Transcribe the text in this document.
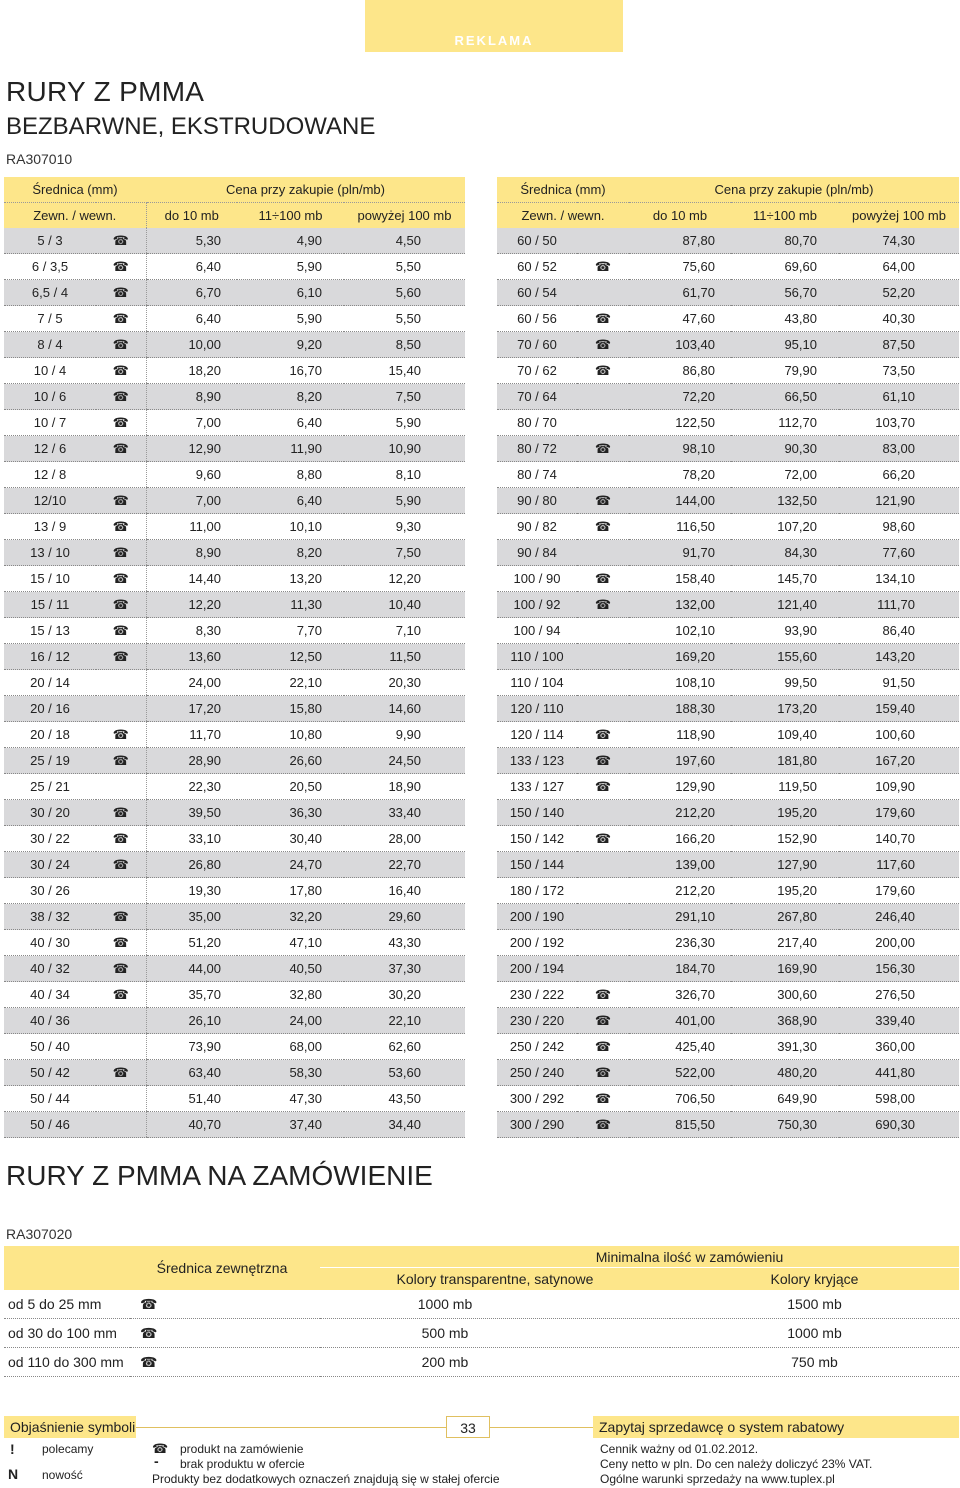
REKLAMA
RURY Z PMMA
BEZBARWNE, EKSTRUDOWANE
RA307010
Średnica (mm)		Cena przy zakupie (pln/mb)		
Zewn. / wewn.		do 10 mb	11÷100 mb	powyżej 100 mb
5 / 3	☎	5,30	4,90	4,50
6 / 3,5	☎	6,40	5,90	5,50
6,5 / 4	☎	6,70	6,10	5,60
7 / 5	☎	6,40	5,90	5,50
8 / 4	☎	10,00	9,20	8,50
10 / 4	☎	18,20	16,70	15,40
10 / 6	☎	8,90	8,20	7,50
10 / 7	☎	7,00	6,40	5,90
12 / 6	☎	12,90	11,90	10,90
12 / 8		9,60	8,80	8,10
12/10	☎	7,00	6,40	5,90
13 / 9	☎	11,00	10,10	9,30
13 / 10	☎	8,90	8,20	7,50
15 / 10	☎	14,40	13,20	12,20
15 / 11	☎	12,20	11,30	10,40
15 / 13	☎	8,30	7,70	7,10
16 / 12	☎	13,60	12,50	11,50
20 / 14		24,00	22,10	20,30
20 / 16		17,20	15,80	14,60
20 / 18	☎	11,70	10,80	9,90
25 / 19	☎	28,90	26,60	24,50
25 / 21		22,30	20,50	18,90
30 / 20	☎	39,50	36,30	33,40
30 / 22	☎	33,10	30,40	28,00
30 / 24	☎	26,80	24,70	22,70
30 / 26		19,30	17,80	16,40
38 / 32	☎	35,00	32,20	29,60
40 / 30	☎	51,20	47,10	43,30
40 / 32	☎	44,00	40,50	37,30
40 / 34	☎	35,70	32,80	30,20
40 / 36		26,10	24,00	22,10
50 / 40		73,90	68,00	62,60
50 / 42	☎	63,40	58,30	53,60
50 / 44		51,40	47,30	43,50
50 / 46		40,70	37,40	34,40
Średnica (mm)		Cena przy zakupie (pln/mb)		
Zewn. / wewn.		do 10 mb	11÷100 mb	powyżej 100 mb
60 / 50		87,80	80,70	74,30
60 / 52	☎	75,60	69,60	64,00
60 / 54		61,70	56,70	52,20
60 / 56	☎	47,60	43,80	40,30
70 / 60	☎	103,40	95,10	87,50
70 / 62	☎	86,80	79,90	73,50
70 / 64		72,20	66,50	61,10
80 / 70		122,50	112,70	103,70
80 / 72	☎	98,10	90,30	83,00
80 / 74		78,20	72,00	66,20
90 / 80	☎	144,00	132,50	121,90
90 / 82	☎	116,50	107,20	98,60
90 / 84		91,70	84,30	77,60
100 / 90	☎	158,40	145,70	134,10
100 / 92	☎	132,00	121,40	111,70
100 / 94		102,10	93,90	86,40
110 / 100		169,20	155,60	143,20
110 / 104		108,10	99,50	91,50
120 / 110		188,30	173,20	159,40
120 / 114	☎	118,90	109,40	100,60
133 / 123	☎	197,60	181,80	167,20
133 / 127	☎	129,90	119,50	109,90
150 / 140		212,20	195,20	179,60
150 / 142	☎	166,20	152,90	140,70
150 / 144		139,00	127,90	117,60
180 / 172		212,20	195,20	179,60
200 / 190		291,10	267,80	246,40
200 / 192		236,30	217,40	200,00
200 / 194		184,70	169,90	156,30
230 / 222	☎	326,70	300,60	276,50
230 / 220	☎	401,00	368,90	339,40
250 / 242	☎	425,40	391,30	360,00
250 / 240	☎	522,00	480,20	441,80
300 / 292	☎	706,50	649,90	598,00
300 / 290	☎	815,50	750,30	690,30
RURY Z PMMA NA ZAMÓWIENIE
RA307020
Średnica zewnętrzna		Minimalna ilość w zamówieniu	
		Kolory transparentne, satynowe	Kolory kryjące
od 5 do 25 mm	☎	1000 mb	1500 mb
od 30 do 100 mm	☎	500 mb	1000 mb
od 110 do 300 mm	☎	200 mb	750 mb
Objaśnienie symboli	33	Zapytaj sprzedawcę o system rabatowy
! polecamy
N nowość
☎ produkt na zamówienie
- brak produktu w ofercie
Produkty bez dodatkowych oznaczeń znajdują się w stałej ofercie
Cennik ważny od 01.02.2012.
Ceny netto w pln. Do cen należy doliczyć 23% VAT.
Ogólne warunki sprzedaży na www.tuplex.pl
